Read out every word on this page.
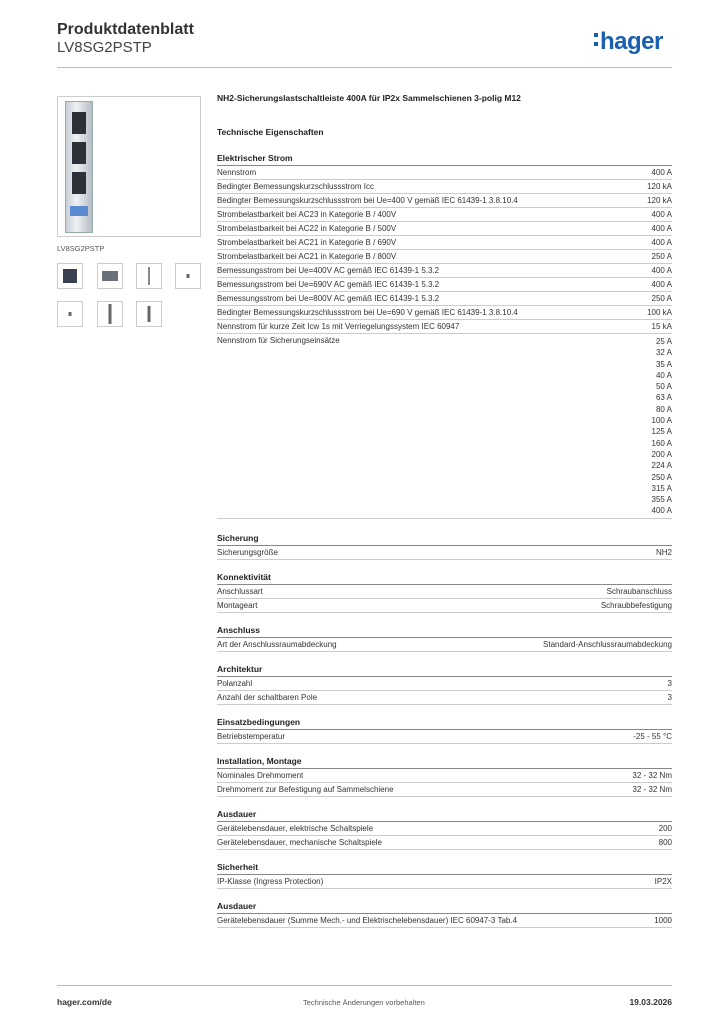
Produktdatenblatt
LV8SG2PSTP	hager
LV8SG2PSTP
NH2-Sicherungslastschaltleiste 400A für IP2x Sammelschienen 3-polig M12
Technische Eigenschaften
Elektrischer Strom
Nennstrom	400 A
Bedingter Bemessungskurzschlussstrom Icc	120 kA
Bedingter Bemessungskurzschlussstrom bei Ue=400 V gemäß IEC 61439-1 3.8.10.4	120 kA
Strombelastbarkeit bei AC23 in Kategorie B / 400V	400 A
Strombelastbarkeit bei AC22 in Kategorie B / 500V	400 A
Strombelastbarkeit bei AC21 in Kategorie B / 690V	400 A
Strombelastbarkeit bei AC21 in Kategorie B / 800V	250 A
Bemessungsstrom bei Ue=400V AC gemäß IEC 61439-1 5.3.2	400 A
Bemessungsstrom bei Ue=690V AC gemäß IEC 61439-1 5.3.2	400 A
Bemessungsstrom bei Ue=800V AC gemäß IEC 61439-1 5.3.2	250 A
Bedingter Bemessungskurzschlussstrom bei Ue=690 V gemäß IEC 61439-1 3.8.10.4	100 kA
Nennstrom für kurze Zeit Icw 1s mit Verriegelungssystem IEC 60947	15 kA
Nennstrom für Sicherungseinsätze	25 A
32 A
35 A
40 A
50 A
63 A
80 A
100 A
125 A
160 A
200 A
224 A
250 A
315 A
355 A
400 A
Sicherung
Sicherungsgröße	NH2
Konnektivität
Anschlussart	Schraubanschluss
Montageart	Schraubbefestigung
Anschluss
Art der Anschlussraumabdeckung	Standard-Anschlussraumabdeckung
Architektur
Polanzahl	3
Anzahl der schaltbaren Pole	3
Einsatzbedingungen
Betriebstemperatur	-25 - 55 °C
Installation, Montage
Nominales Drehmoment	32 - 32 Nm
Drehmoment zur Befestigung auf Sammelschiene	32 - 32 Nm
Ausdauer
Gerätelebensdauer, elektrische Schaltspiele	200
Gerätelebensdauer, mechanische Schaltspiele	800
Sicherheit
IP-Klasse (Ingress Protection)	IP2X
Ausdauer
Gerätelebensdauer (Summe Mech.- und Elektrischelebensdauer) IEC 60947-3 Tab.4	1000
hager.com/de	Technische Änderungen vorbehalten	19.03.2026
